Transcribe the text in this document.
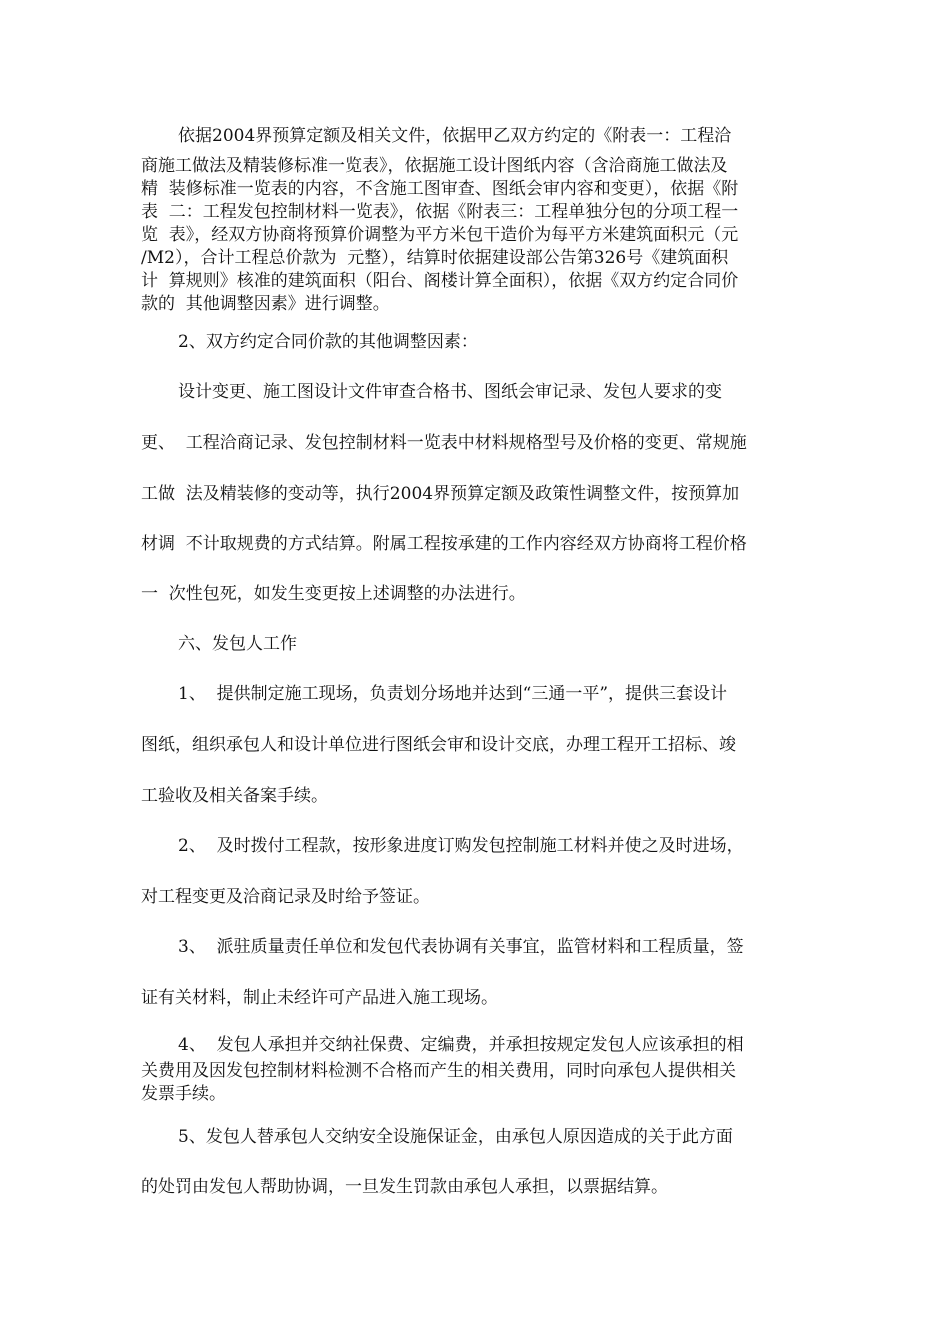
依据2004界预算定额及相关文件，依据甲乙双方约定的《附表一：工程洽
商施工做法及精装修标准一览表》，依据施工设计图纸内容（含洽商施工做法及
精  装修标准一览表的内容，不含施工图审查、图纸会审内容和变更），依据《附
表  二：工程发包控制材料一览表》，依据《附表三：工程单独分包的分项工程一
览  表》，经双方协商将预算价调整为平方米包干造价为每平方米建筑面积元（元
/M2），合计工程总价款为  元整），结算时依据建设部公告第326号《建筑面积
计  算规则》核准的建筑面积（阳台、阁楼计算全面积），依据《双方约定合同价
款的  其他调整因素》进行调整。
2、双方约定合同价款的其他调整因素：
设计变更、施工图设计文件审查合格书、图纸会审记录、发包人要求的变
更、  工程洽商记录、发包控制材料一览表中材料规格型号及价格的变更、常规施
工做  法及精装修的变动等，执行2004界预算定额及政策性调整文件，按预算加
材调  不计取规费的方式结算。附属工程按承建的工作内容经双方协商将工程价格
一  次性包死，如发生变更按上述调整的办法进行。
六、发包人工作
1、  提供制定施工现场，负责划分场地并达到“三通一平”，提供三套设计
图纸，组织承包人和设计单位进行图纸会审和设计交底，办理工程开工招标、竣
工验收及相关备案手续。
2、  及时拨付工程款，按形象进度订购发包控制施工材料并使之及时进场，
对工程变更及洽商记录及时给予签证。
3、  派驻质量责任单位和发包代表协调有关事宜，监管材料和工程质量，签
证有关材料，制止未经许可产品进入施工现场。
4、  发包人承担并交纳社保费、定编费，并承担按规定发包人应该承担的相
关费用及因发包控制材料检测不合格而产生的相关费用，同时向承包人提供相关
发票手续。
5、发包人替承包人交纳安全设施保证金，由承包人原因造成的关于此方面
的处罚由发包人帮助协调，一旦发生罚款由承包人承担，以票据结算。
